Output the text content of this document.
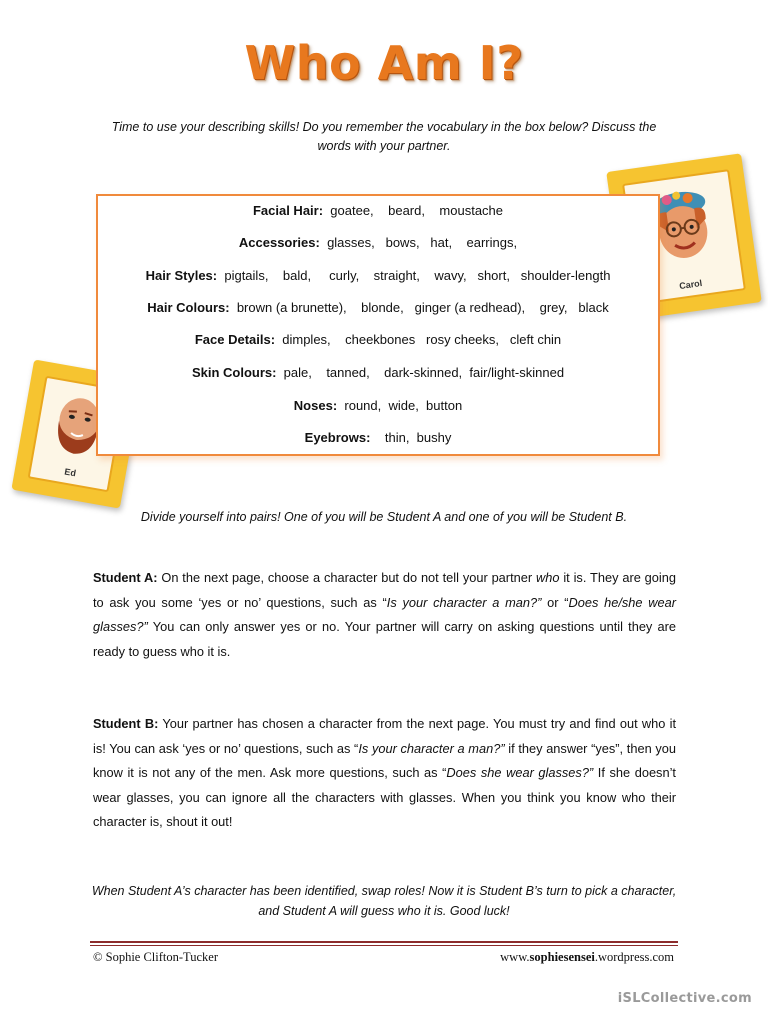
Who Am I?
Time to use your describing skills! Do you remember the vocabulary in the box below? Discuss the words with your partner.
Carol
Ed
Facial Hair:  goatee,    beard,    moustache
Accessories:  glasses,   bows,   hat,    earrings,
Hair Styles:  pigtails,    bald,     curly,    straight,    wavy,   short,   shoulder-length
Hair Colours:  brown (a brunette),    blonde,   ginger (a redhead),    grey,   black
Face Details:  dimples,    cheekbones   rosy cheeks,   cleft chin
Skin Colours:  pale,    tanned,    dark-skinned,  fair/light-skinned
Noses:  round,  wide,  button
Eyebrows:    thin,  bushy
Divide yourself into pairs! One of you will be Student A and one of you will be Student B.
Student A: On the next page, choose a character but do not tell your partner who it is. They are going to ask you some ‘yes or no’ questions, such as “Is your character a man?” or “Does he/she wear glasses?” You can only answer yes or no. Your partner will carry on asking questions until they are ready to guess who it is.
Student B: Your partner has chosen a character from the next page. You must try and find out who it is! You can ask ‘yes or no’ questions, such as “Is your character a man?” if they answer “yes”, then you know it is not any of the men. Ask more questions, such as “Does she wear glasses?” If she doesn’t wear glasses, you can ignore all the characters with glasses. When you think you know who their character is, shout it out!
When Student A’s character has been identified, swap roles! Now it is Student B’s turn to pick a character, and Student A will guess who it is. Good luck!
© Sophie Clifton-Tucker	www.sophiesensei.wordpress.com
iSLCollective.com
